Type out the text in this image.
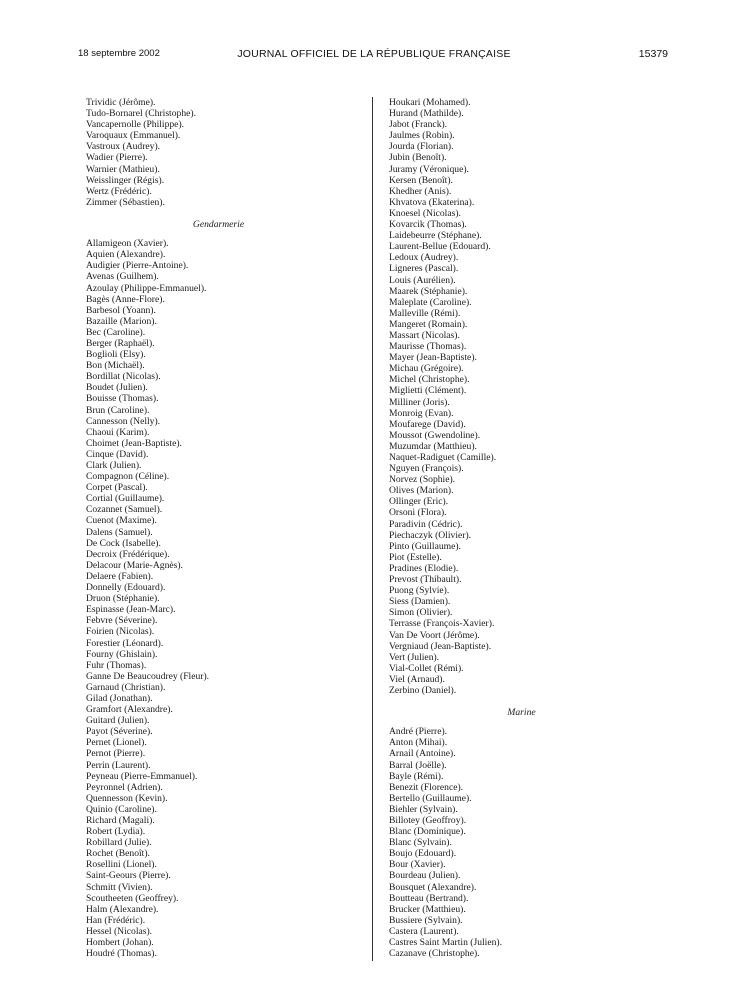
18 septembre 2002	JOURNAL OFFICIEL DE LA RÉPUBLIQUE FRANÇAISE	15379
Trividic (Jérôme).
Tudo-Bornarel (Christophe).
Vancapernolle (Philippe).
Varoquaux (Emmanuel).
Vastroux (Audrey).
Wadier (Pierre).
Warnier (Mathieu).
Weisslinger (Régis).
Wertz (Frédéric).
Zimmer (Sébastien).
Gendarmerie
Allamigeon (Xavier).
Aquien (Alexandre).
Audigier (Pierre-Antoine).
Avenas (Guilhem).
Azoulay (Philippe-Emmanuel).
Bagès (Anne-Flore).
Barbesol (Yoann).
Bazaille (Marion).
Bec (Caroline).
Berger (Raphaël).
Boglioli (Elsy).
Bon (Michaël).
Bordillat (Nicolas).
Boudet (Julien).
Bouisse (Thomas).
Brun (Caroline).
Cannesson (Nelly).
Chaoui (Karim).
Choimet (Jean-Baptiste).
Cinque (David).
Clark (Julien).
Compagnon (Céline).
Corpet (Pascal).
Cortial (Guillaume).
Cozannet (Samuel).
Cuenot (Maxime).
Dalens (Samuel).
De Cock (Isabelle).
Decroix (Frédérique).
Delacour (Marie-Agnès).
Delaere (Fabien).
Donnelly (Edouard).
Druon (Stéphanie).
Espinasse (Jean-Marc).
Febvre (Séverine).
Foirien (Nicolas).
Forestier (Léonard).
Fourny (Ghislain).
Fuhr (Thomas).
Ganne De Beaucoudrey (Fleur).
Garnaud (Christian).
Gilad (Jonathan).
Gramfort (Alexandre).
Guitard (Julien).
Payot (Séverine).
Pernet (Lionel).
Pernot (Pierre).
Perrin (Laurent).
Peyneau (Pierre-Emmanuel).
Peyronnel (Adrien).
Quennesson (Kevin).
Quinio (Caroline).
Richard (Magali).
Robert (Lydia).
Robillard (Julie).
Rochet (Benoît).
Rosellini (Lionel).
Saint-Geours (Pierre).
Schmitt (Vivien).
Scoutheeten (Geoffrey).
Halm (Alexandre).
Han (Frédéric).
Hessel (Nicolas).
Hombert (Johan).
Houdré (Thomas).
Houkari (Mohamed).
Hurand (Mathilde).
Jabot (Franck).
Jaulmes (Robin).
Jourda (Florian).
Jubin (Benoît).
Juramy (Véronique).
Kersen (Benoît).
Khedher (Anis).
Khvatova (Ekaterina).
Knoesel (Nicolas).
Kovarcik (Thomas).
Laidebeurre (Stéphane).
Laurent-Bellue (Edouard).
Ledoux (Audrey).
Ligneres (Pascal).
Louis (Aurélien).
Maarek (Stéphanie).
Maleplate (Caroline).
Malleville (Rémi).
Mangeret (Romain).
Massart (Nicolas).
Maurisse (Thomas).
Mayer (Jean-Baptiste).
Michau (Grégoire).
Michel (Christophe).
Miglietti (Clément).
Milliner (Joris).
Monroig (Evan).
Moufarege (David).
Moussot (Gwendoline).
Muzumdar (Matthieu).
Naquet-Radiguet (Camille).
Nguyen (François).
Norvez (Sophie).
Olives (Marion).
Ollinger (Eric).
Orsoni (Flora).
Paradivin (Cédric).
Piechaczyk (Olivier).
Pinto (Guillaume).
Piot (Estelle).
Pradines (Elodie).
Prevost (Thibault).
Puong (Sylvie).
Siess (Damien).
Simon (Olivier).
Terrasse (François-Xavier).
Van De Voort (Jérôme).
Vergniaud (Jean-Baptiste).
Vert (Julien).
Vial-Collet (Rémi).
Viel (Arnaud).
Zerbino (Daniel).
Marine
André (Pierre).
Anton (Mihai).
Arnail (Antoine).
Barral (Joëlle).
Bayle (Rémi).
Benezit (Florence).
Bertello (Guillaume).
Biehler (Sylvain).
Billotey (Geoffroy).
Blanc (Dominique).
Blanc (Sylvain).
Boujo (Edouard).
Bour (Xavier).
Bourdeau (Julien).
Bousquet (Alexandre).
Boutteau (Bertrand).
Brucker (Matthieu).
Bussiere (Sylvain).
Castera (Laurent).
Castres Saint Martin (Julien).
Cazanave (Christophe).
